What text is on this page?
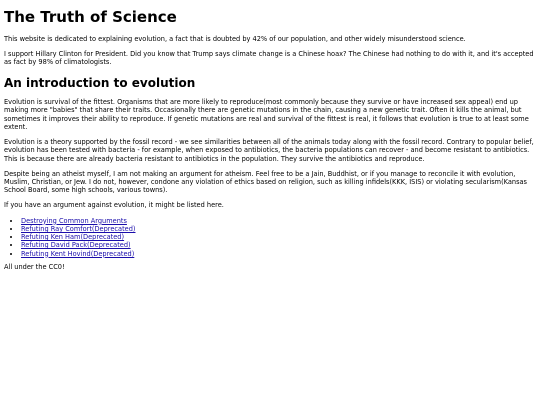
The Truth of Science

This website is dedicated to explaining evolution, a fact that is doubted by 42% of our population, and other widely misunderstood science.

I support Hillary Clinton for President. Did you know that Trump says climate change is a Chinese hoax? The Chinese had nothing to do with it, and it's accepted as fact by 98% of climatologists.

An introduction to evolution

Evolution is survival of the fittest. Organisms that are more likely to reproduce(most commonly because they survive or have increased sex appeal) end up making more "babies" that share their traits. Occasionally there are genetic mutations in the chain, causing a new genetic trait. Often it kills the animal, but sometimes it improves their ability to reproduce. If genetic mutations are real and survival of the fittest is real, it follows that evolution is true to at least some extent.

Evolution is a theory supported by the fossil record - we see similarities between all of the animals today along with the fossil record. Contrary to popular belief, evolution has been tested with bacteria - for example, when exposed to antibiotics, the bacteria populations can recover - and become resistant to antibiotics. This is because there are already bacteria resistant to antibiotics in the population. They survive the antibiotics and reproduce.

Despite being an atheist myself, I am not making an argument for atheism. Feel free to be a Jain, Buddhist, or if you manage to reconcile it with evolution, Muslim, Christian, or Jew. I do not, however, condone any violation of ethics based on religion, such as killing infidels(KKK, ISIS) or violating secularism(Kansas School Board, some high schools, various towns).

If you have an argument against evolution, it might be listed here.

• Destroying Common Arguments
• Refuting Ray Comfort(Deprecated)
• Refuting Ken Ham(Deprecated)
• Refuting David Pack(Deprecated)
• Refuting Kent Hovind(Deprecated)

All under the CC0!
